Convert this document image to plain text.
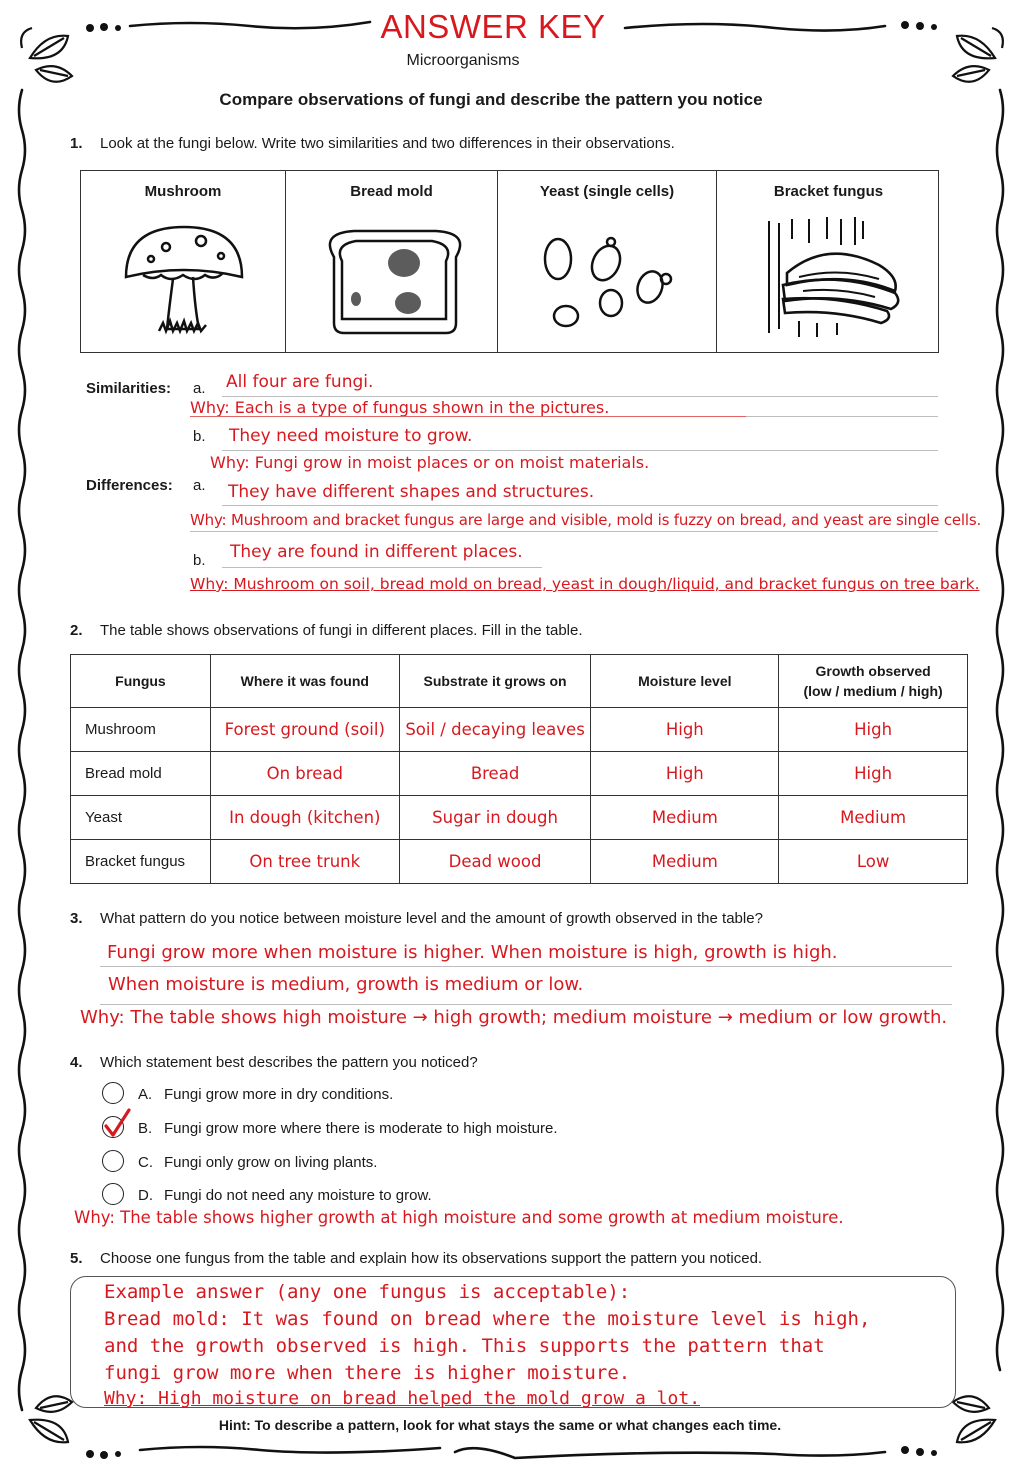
ANSWER KEY
Microorganisms
Compare observations of fungi and describe the pattern you notice
1. Look at the fungi below. Write two similarities and two differences in their observations.
Mushroom	Bread mold	Yeast (single cells)	Bracket fungus
Similarities: a. All four are fungi.
Why: Each is a type of fungus shown in the pictures.
b. They need moisture to grow.
Why: Fungi grow in moist places or on moist materials.
Differences: a. They have different shapes and structures.
Why: Mushroom and bracket fungus are large and visible, mold is fuzzy on bread, and yeast are single cells.
b. They are found in different places.
Why: Mushroom on soil, bread mold on bread, yeast in dough/liquid, and bracket fungus on tree bark.
2. The table shows observations of fungi in different places. Fill in the table.
Fungus	Where it was found	Substrate it grows on	Moisture level	Growth observed
(low / medium / high)

Mushroom	Forest ground (soil)	Soil / decaying leaves	High	High
Bread mold	On bread	Bread	High	High
Yeast	In dough (kitchen)	Sugar in dough	Medium	Medium
Bracket fungus	On tree trunk	Dead wood	Medium	Low
3. What pattern do you notice between moisture level and the amount of growth observed in the table?
Fungi grow more when moisture is higher. When moisture is high, growth is high.
When moisture is medium, growth is medium or low.
Why: The table shows high moisture → high growth; medium moisture → medium or low growth.
4. Which statement best describes the pattern you noticed?
A. Fungi grow more in dry conditions.
B. Fungi grow more where there is moderate to high moisture.
C. Fungi only grow on living plants.
D. Fungi do not need any moisture to grow.
Why: The table shows higher growth at high moisture and some growth at medium moisture.
5. Choose one fungus from the table and explain how its observations support the pattern you noticed.
Example answer (any one fungus is acceptable):
Bread mold: It was found on bread where the moisture level is high,
and the growth observed is high. This supports the pattern that
fungi grow more when there is higher moisture.
Why: High moisture on bread helped the mold grow a lot.
Hint: To describe a pattern, look for what stays the same or what changes each time.
